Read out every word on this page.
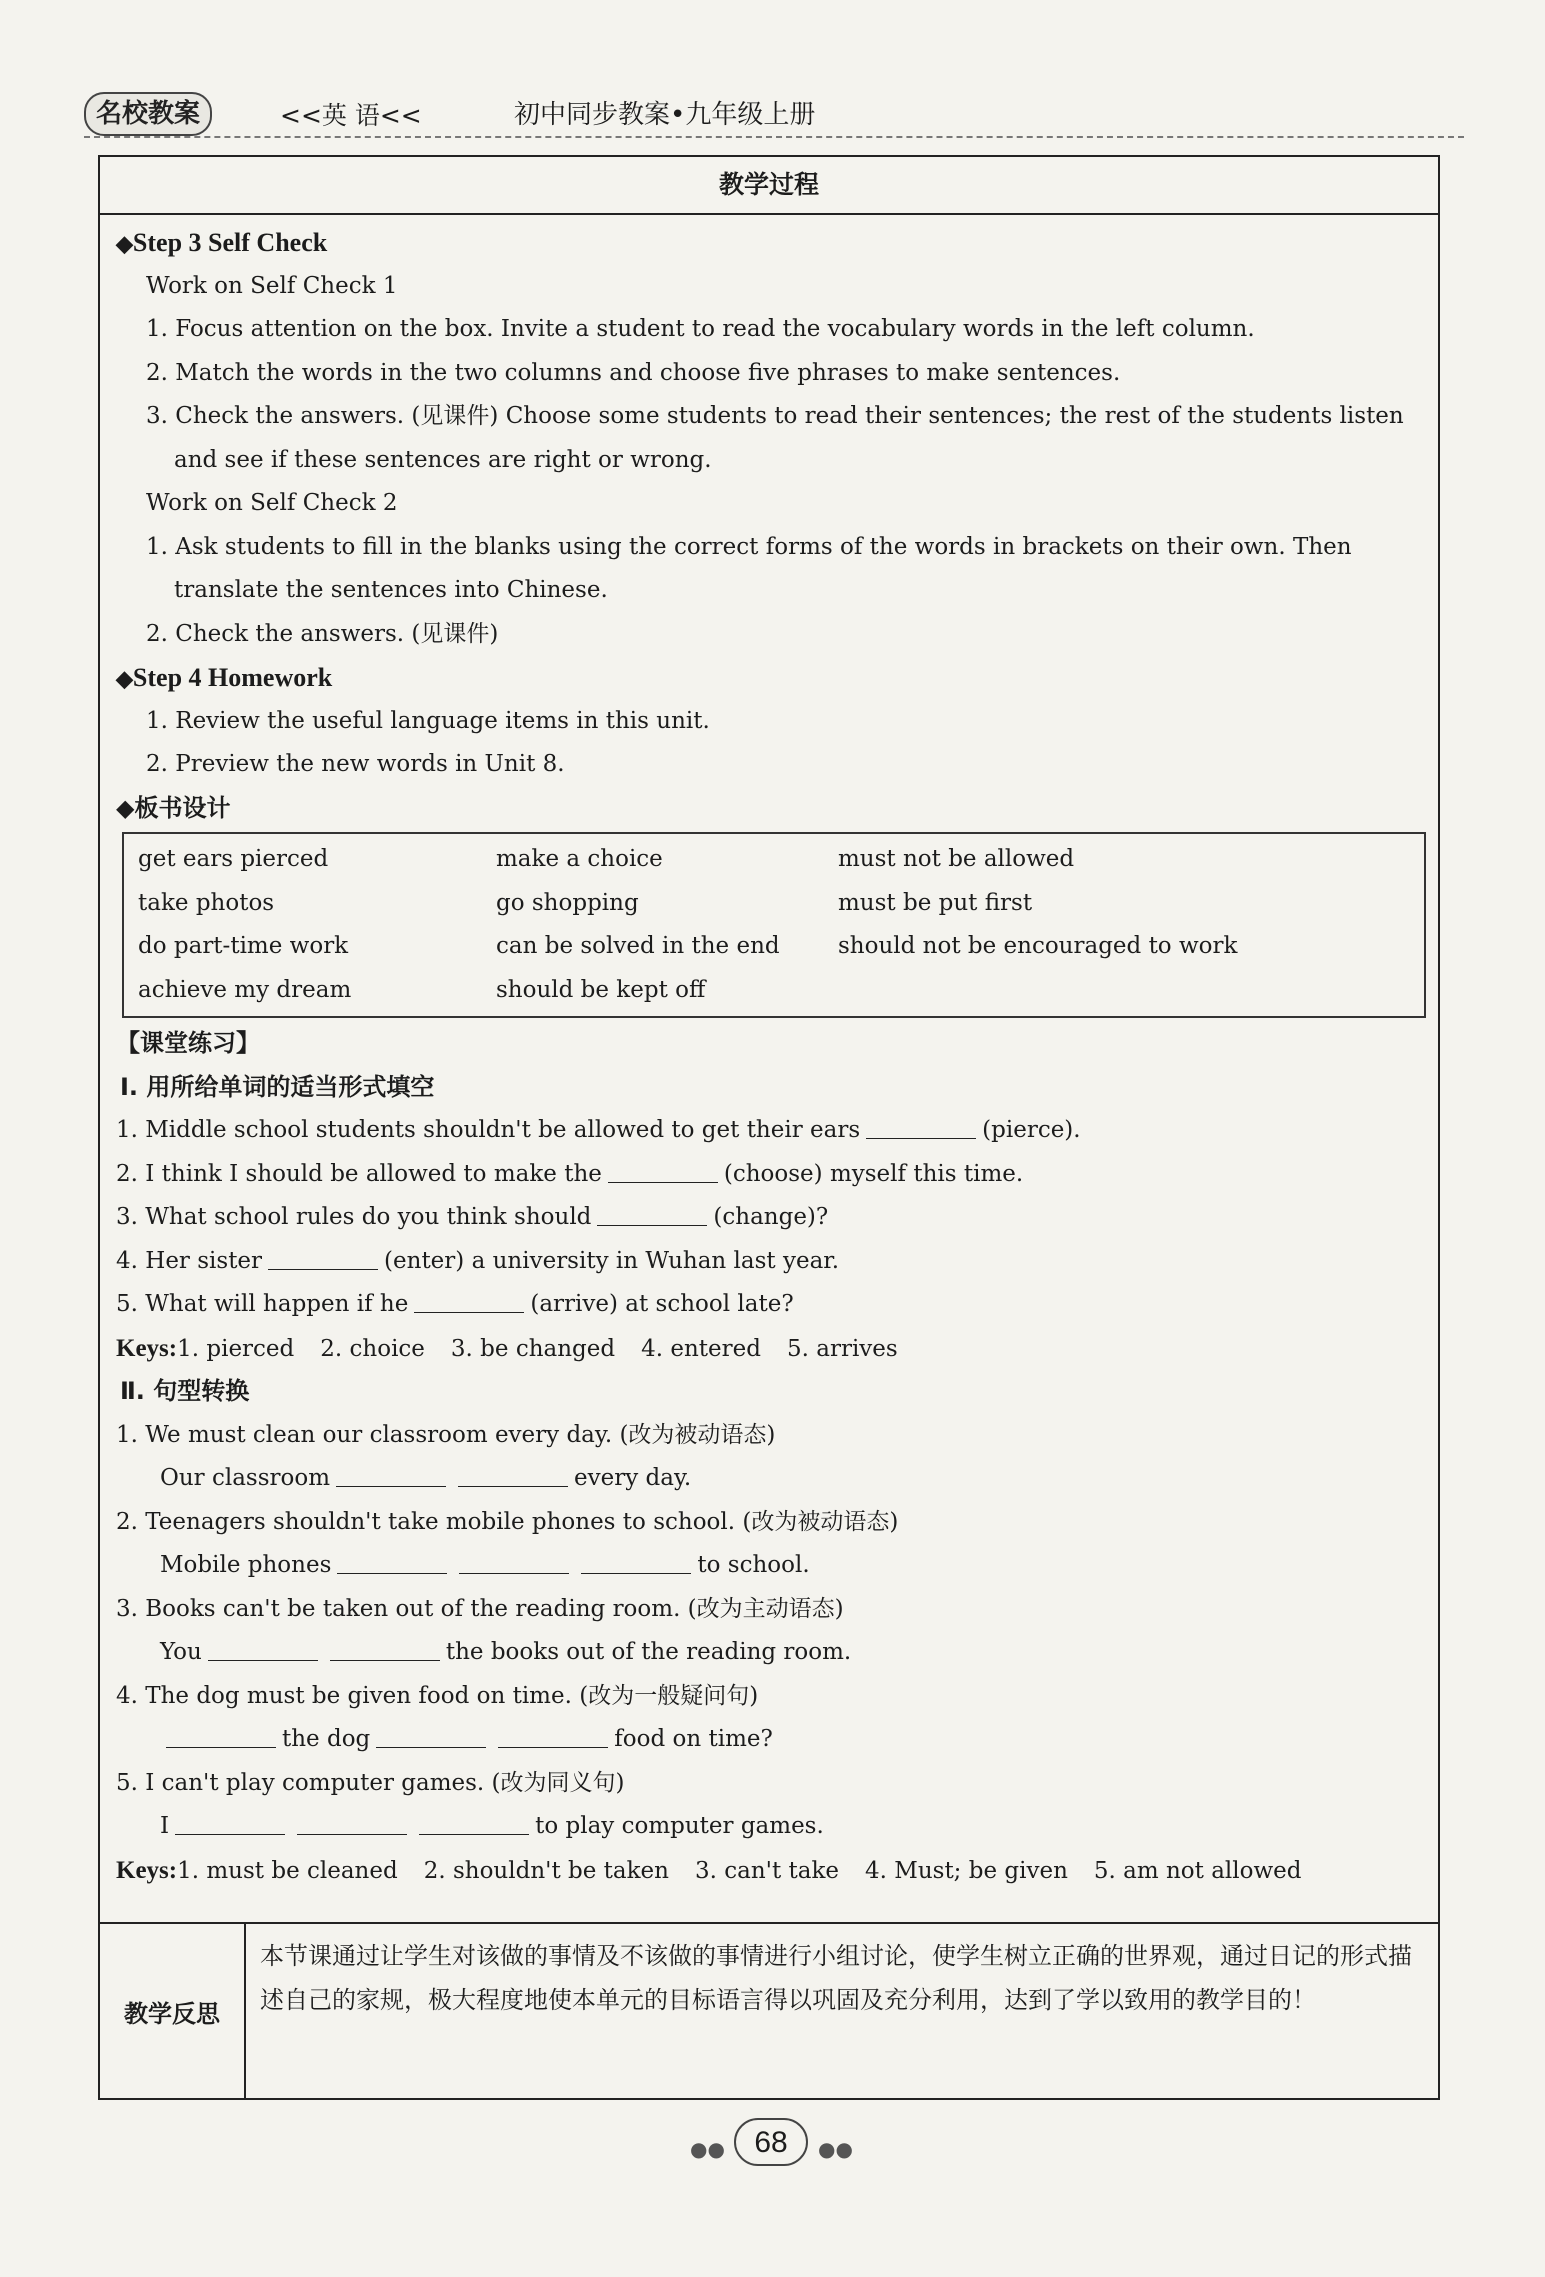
名校教案	<<英 语<<	初中同步教案•九年级上册
教学过程
◆Step 3 Self Check
Work on Self Check 1
1. Focus attention on the box. Invite a student to read the vocabulary words in the left column.
2. Match the words in the two columns and choose five phrases to make sentences.
3. Check the answers. (见课件) Choose some students to read their sentences; the rest of the students listen and see if these sentences are right or wrong.
Work on Self Check 2
1. Ask students to fill in the blanks using the correct forms of the words in brackets on their own. Then translate the sentences into Chinese.
2. Check the answers. (见课件)
◆Step 4 Homework
1. Review the useful language items in this unit.
2. Preview the new words in Unit 8.
◆板书设计
get ears pierced	make a choice	must not be allowed
take photos	go shopping	must be put first
do part-time work	can be solved in the end	should not be encouraged to work
achieve my dream	should be kept off
【课堂练习】
Ⅰ. 用所给单词的适当形式填空
1. Middle school students shouldn't be allowed to get their ears	(pierce).
2. I think I should be allowed to make the	(choose) myself this time.
3. What school rules do you think should	(change)?
4. Her sister	(enter) a university in Wuhan last year.
5. What will happen if he	(arrive) at school late?
Keys:1. pierced 2. choice 3. be changed 4. entered 5. arrives
Ⅱ. 句型转换
1. We must clean our classroom every day. (改为被动语态)
Our classroom	every day.
2. Teenagers shouldn't take mobile phones to school. (改为被动语态)
Mobile phones	to school.
3. Books can't be taken out of the reading room. (改为主动语态)
You	the books out of the reading room.
4. The dog must be given food on time. (改为一般疑问句)
the dog	food on time?
5. I can't play computer games. (改为同义句)
I	to play computer games.
Keys:1. must be cleaned 2. shouldn't be taken 3. can't take 4. Must; be given 5. am not allowed
教学反思
本节课通过让学生对该做的事情及不该做的事情进行小组讨论，使学生树立正确的世界观，通过日记的形式描述自己的家规，极大程度地使本单元的目标语言得以巩固及充分利用，达到了学以致用的教学目的！
●● 68	●●
